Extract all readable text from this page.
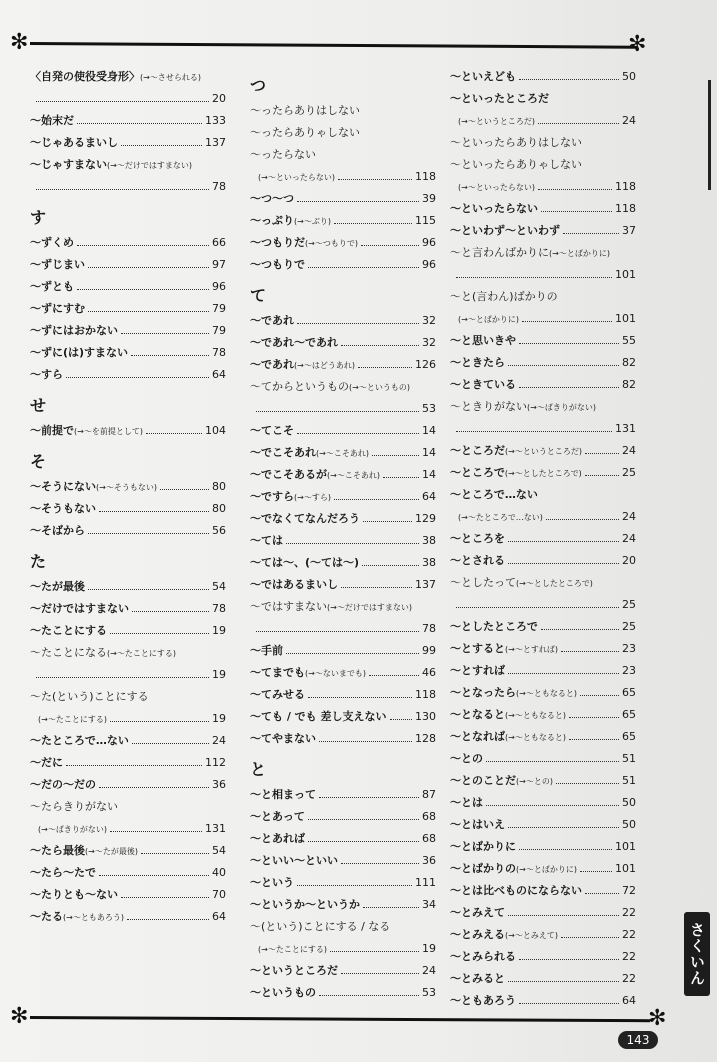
✻	✻
〈自発の使役受身形〉 (→〜させられる)
20
〜始末だ	133
〜じゃあるまいし	137
〜じゃすまない (→〜だけではすまない)
78
す
〜ずくめ	66
〜ずじまい	97
〜ずとも	96
〜ずにすむ	79
〜ずにはおかない	79
〜ずに(は)すまない	78
〜すら	64
せ
〜前提で (→〜を前提として)	104
そ
〜そうにない (→〜そうもない)	80
〜そうもない	80
〜そばから	56
た
〜たが最後	54
〜だけではすまない	78
〜たことにする	19
〜たことになる (→〜たことにする)
19
〜た(という)ことにする
(→〜たことにする)	19
〜たところで…ない	24
〜だに	112
〜だの〜だの	36
〜たらきりがない
(→〜ばきりがない)	131
〜たら最後 (→〜たが最後)	54
〜たら〜たで	40
〜たりとも〜ない	70
〜たる (→〜ともあろう)	64
つ
〜ったらありはしない
〜ったらありゃしない
〜ったらない
(→〜といったらない)	118
〜つ〜つ	39
〜っぷり (→〜ぶり)	115
〜つもりだ (→〜つもりで)	96
〜つもりで	96
て
〜であれ	32
〜であれ〜であれ	32
〜であれ (→〜はどうあれ)	126
〜てからというもの (→〜というもの)
53
〜てこそ	14
〜でこそあれ (→〜こそあれ)	14
〜でこそあるが (→〜こそあれ)	14
〜ですら (→〜すら)	64
〜でなくてなんだろう	129
〜ては	38
〜ては〜、(〜ては〜)	38
〜ではあるまいし	137
〜ではすまない (→〜だけではすまない)
78
〜手前	99
〜てまでも (→〜ないまでも)	46
〜てみせる	118
〜ても / でも 差し支えない	130
〜てやまない	128
と
〜と相まって	87
〜とあって	68
〜とあれば	68
〜といい〜といい	36
〜という	111
〜というか〜というか	34
〜(という)ことにする / なる
(→〜たことにする)	19
〜というところだ	24
〜というもの	53
〜といえども	50
〜といったところだ
(→〜というところだ)	24
〜といったらありはしない
〜といったらありゃしない
(→〜といったらない)	118
〜といったらない	118
〜といわず〜といわず	37
〜と言わんばかりに (→〜とばかりに)
101
〜と(言わん)ばかりの
(→〜とばかりに)	101
〜と思いきや	55
〜ときたら	82
〜ときている	82
〜ときりがない (→〜ばきりがない)
131
〜ところだ (→〜というところだ)	24
〜ところで (→〜としたところで)	25
〜ところで…ない
(→〜たところで…ない)	24
〜ところを	24
〜とされる	20
〜としたって (→〜としたところで)
25
〜としたところで	25
〜とすると (→〜とすれば)	23
〜とすれば	23
〜となったら (→〜ともなると)	65
〜となると (→〜ともなると)	65
〜となれば (→〜ともなると)	65
〜との	51
〜とのことだ (→〜との)	51
〜とは	50
〜とはいえ	50
〜とばかりに	101
〜とばかりの (→〜とばかりに)	101
〜とは比べものにならない	72
〜とみえて	22
〜とみえる (→〜とみえて)	22
〜とみられる	22
〜とみると	22
〜ともあろう	64
さくいん
✻	✻
143
